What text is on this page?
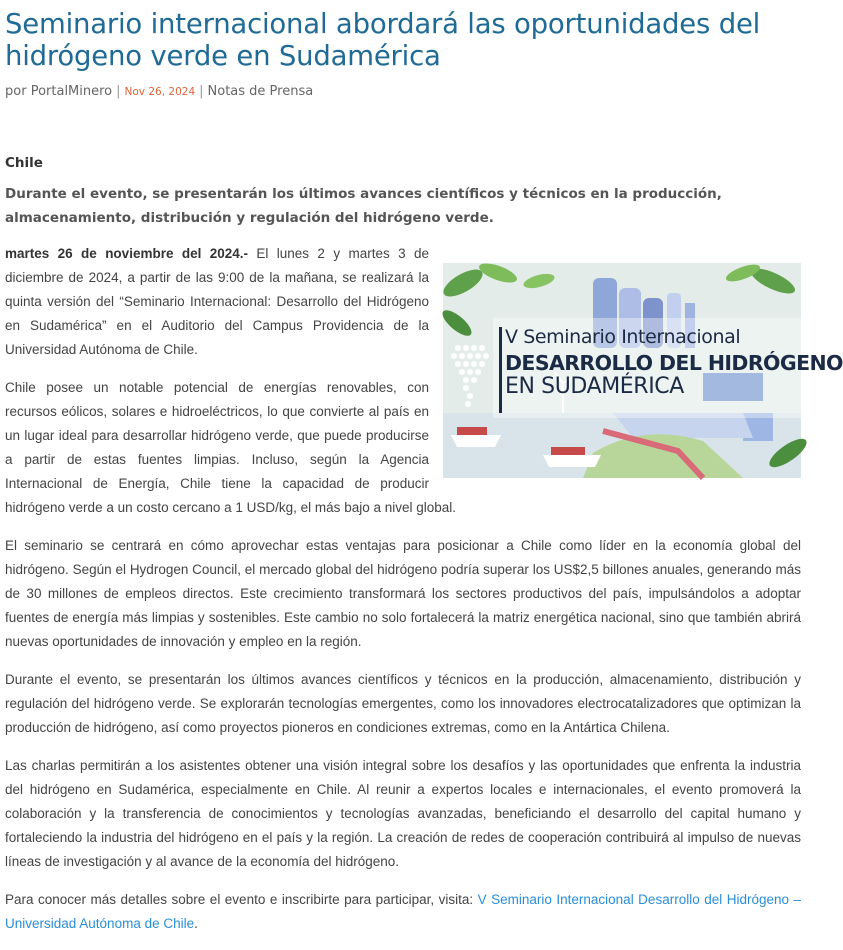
Seminario internacional abordará las oportunidades del hidrógeno verde en Sudamérica
por PortalMinero | Nov 26, 2024 | Notas de Prensa
Chile

Durante el evento, se presentarán los últimos avances científicos y técnicos en la producción, almacenamiento, distribución y regulación del hidrógeno verde.

V Seminario Internacional
DESARROLLO DEL HIDRÓGENO
EN SUDAMÉRICA

martes 26 de noviembre del 2024.- El lunes 2 y martes 3 de diciembre de 2024, a partir de las 9:00 de la mañana, se realizará la quinta versión del “Seminario Internacional: Desarrollo del Hidrógeno en Sudamérica” en el Auditorio del Campus Providencia de la Universidad Autónoma de Chile.

Chile posee un notable potencial de energías renovables, con recursos eólicos, solares e hidroeléctricos, lo que convierte al país en un lugar ideal para desarrollar hidrógeno verde, que puede producirse a partir de estas fuentes limpias. Incluso, según la Agencia Internacional de Energía, Chile tiene la capacidad de producir hidrógeno verde a un costo cercano a 1 USD/kg, el más bajo a nivel global.

El seminario se centrará en cómo aprovechar estas ventajas para posicionar a Chile como líder en la economía global del hidrógeno. Según el Hydrogen Council, el mercado global del hidrógeno podría superar los US$2,5 billones anuales, generando más de 30 millones de empleos directos. Este crecimiento transformará los sectores productivos del país, impulsándolos a adoptar fuentes de energía más limpias y sostenibles. Este cambio no solo fortalecerá la matriz energética nacional, sino que también abrirá nuevas oportunidades de innovación y empleo en la región.

Durante el evento, se presentarán los últimos avances científicos y técnicos en la producción, almacenamiento, distribución y regulación del hidrógeno verde. Se explorarán tecnologías emergentes, como los innovadores electrocatalizadores que optimizan la producción de hidrógeno, así como proyectos pioneros en condiciones extremas, como en la Antártica Chilena.

Las charlas permitirán a los asistentes obtener una visión integral sobre los desafíos y las oportunidades que enfrenta la industria del hidrógeno en Sudamérica, especialmente en Chile. Al reunir a expertos locales e internacionales, el evento promoverá la colaboración y la transferencia de conocimientos y tecnologías avanzadas, beneficiando el desarrollo del capital humano y fortaleciendo la industria del hidrógeno en el país y la región. La creación de redes de cooperación contribuirá al impulso de nuevas líneas de investigación y al avance de la economía del hidrógeno.

Para conocer más detalles sobre el evento e inscribirte para participar, visita: V Seminario Internacional Desarrollo del Hidrógeno – Universidad Autónoma de Chile.
